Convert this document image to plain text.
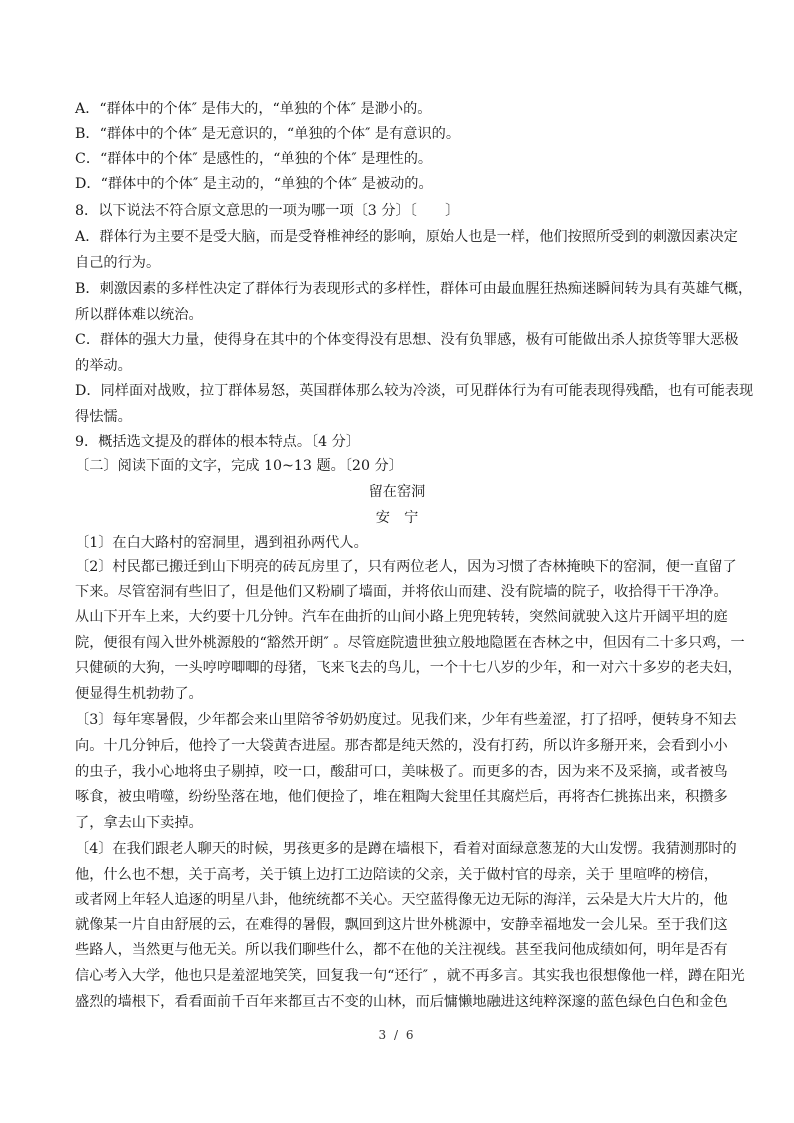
A．“群体中的个体″ 是伟大的，“单独的个体″ 是渺小的。
B．“群体中的个体″ 是无意识的，“单独的个体″ 是有意识的。
C．“群体中的个体″ 是感性的，“单独的个体″ 是理性的。
D．“群体中的个体″ 是主动的，“单独的个体″ 是被动的。
8．以下说法不符合原文意思的一项为哪一项〔3 分〕〔　　〕
A．群体行为主要不是受大脑，而是受脊椎神经的影响，原始人也是一样，他们按照所受到的刺激因素决定
自己的行为。
B．刺激因素的多样性决定了群体行为表现形式的多样性，群体可由最血腥狂热痴迷瞬间转为具有英雄气概，
所以群体难以统治。
C．群体的强大力量，使得身在其中的个体变得没有思想、没有负罪感，极有可能做出杀人掠货等罪大恶极
的举动。
D．同样面对战败，拉丁群体易怒，英国群体那么较为冷淡，可见群体行为有可能表现得残酷，也有可能表现
得怯懦。
9．概括选文提及的群体的根本特点。〔4 分〕
〔二〕阅读下面的文字，完成 10~13 题。〔20 分〕
留在窑洞
安　宁
〔1〕在白大路村的窑洞里，遇到祖孙两代人。
〔2〕村民都已搬迁到山下明亮的砖瓦房里了，只有两位老人，因为习惯了杏林掩映下的窑洞，便一直留了
下来。尽管窑洞有些旧了，但是他们又粉刷了墙面，并将依山而建、没有院墙的院子，收拾得干干净净。
从山下开车上来，大约要十几分钟。汽车在曲折的山间小路上兜兜转转，突然间就驶入这片开阔平坦的庭
院，便很有闯入世外桃源般的“豁然开朗″ 。尽管庭院遗世独立般地隐匿在杏林之中，但因有二十多只鸡，一
只健硕的大狗，一头哼哼唧唧的母猪，飞来飞去的鸟儿，一个十七八岁的少年，和一对六十多岁的老夫妇，
便显得生机勃勃了。
〔3〕每年寒暑假，少年都会来山里陪爷爷奶奶度过。见我们来，少年有些羞涩，打了招呼，便转身不知去
向。十几分钟后，他拎了一大袋黄杏进屋。那杏都是纯天然的，没有打药，所以许多掰开来，会看到小小
的虫子，我小心地将虫子剔掉，咬一口，酸甜可口，美味极了。而更多的杏，因为来不及采摘，或者被鸟
啄食，被虫啃噬，纷纷坠落在地，他们便捡了，堆在粗陶大瓮里任其腐烂后，再将杏仁挑拣出来，积攒多
了，拿去山下卖掉。
〔4〕在我们跟老人聊天的时候，男孩更多的是蹲在墙根下，看着对面绿意葱茏的大山发愣。我猜测那时的
他，什么也不想，关于高考，关于镇上边打工边陪读的父亲，关于做村官的母亲，关于 里喧哗的榜信，
或者网上年轻人追逐的明星八卦，他统统都不关心。天空蓝得像无边无际的海洋，云朵是大片大片的，他
就像某一片自由舒展的云，在难得的暑假，飘回到这片世外桃源中，安静幸福地发一会儿呆。至于我们这
些路人，当然更与他无关。所以我们聊些什么，都不在他的关注视线。甚至我问他成绩如何，明年是否有
信心考入大学，他也只是羞涩地笑笑，回复我一句“还行″ ，就不再多言。其实我也很想像他一样，蹲在阳光
盛烈的墙根下，看看面前千百年来都亘古不变的山林，而后慵懒地融进这纯粹深邃的蓝色绿色白色和金色
3 / 6
